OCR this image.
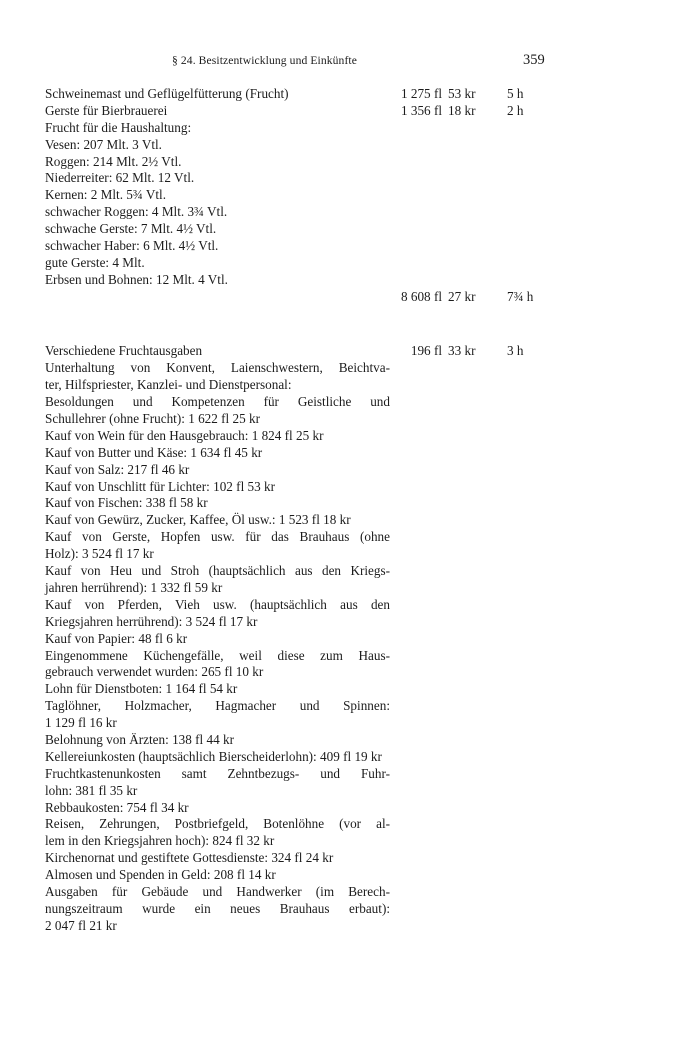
§ 24. Besitzentwicklung und Einkünfte	359
Schweinemast und Geflügelfütterung (Frucht)	1 275 fl 53 kr 5 h
Gerste für Bierbrauerei	1 356 fl 18 kr 2 h
Frucht für die Haushaltung:
Vesen: 207 Mlt. 3 Vtl.
Roggen: 214 Mlt. 2½ Vtl.
Niederreiter: 62 Mlt. 12 Vtl.
Kernen: 2 Mlt. 5¾ Vtl.
schwacher Roggen: 4 Mlt. 3¾ Vtl.
schwache Gerste: 7 Mlt. 4½ Vtl.
schwacher Haber: 6 Mlt. 4½ Vtl.
gute Gerste: 4 Mlt.
Erbsen und Bohnen: 12 Mlt. 4 Vtl.
8 608 fl 27 kr 7¾ h
Verschiedene Fruchtausgaben	196 fl 33 kr 3 h
Unterhaltung von Konvent, Laienschwestern, Beichtva-
ter, Hilfspriester, Kanzlei- und Dienstpersonal:
Besoldungen und Kompetenzen für Geistliche und
Schullehrer (ohne Frucht): 1 622 fl 25 kr
Kauf von Wein für den Hausgebrauch: 1 824 fl 25 kr
Kauf von Butter und Käse: 1 634 fl 45 kr
Kauf von Salz: 217 fl 46 kr
Kauf von Unschlitt für Lichter: 102 fl 53 kr
Kauf von Fischen: 338 fl 58 kr
Kauf von Gewürz, Zucker, Kaffee, Öl usw.: 1 523 fl 18 kr
Kauf von Gerste, Hopfen usw. für das Brauhaus (ohne
Holz): 3 524 fl 17 kr
Kauf von Heu und Stroh (hauptsächlich aus den Kriegs-
jahren herrührend): 1 332 fl 59 kr
Kauf von Pferden, Vieh usw. (hauptsächlich aus den
Kriegsjahren herrührend): 3 524 fl 17 kr
Kauf von Papier: 48 fl 6 kr
Eingenommene Küchengefälle, weil diese zum Haus-
gebrauch verwendet wurden: 265 fl 10 kr
Lohn für Dienstboten: 1 164 fl 54 kr
Taglöhner, Holzmacher, Hagmacher und Spinnen:
1 129 fl 16 kr
Belohnung von Ärzten: 138 fl 44 kr
Kellereiunkosten (hauptsächlich Bierscheiderlohn): 409 fl 19 kr
Fruchtkastenunkosten samt Zehntbezugs- und Fuhr-
lohn: 381 fl 35 kr
Rebbaukosten: 754 fl 34 kr
Reisen, Zehrungen, Postbriefgeld, Botenlöhne (vor al-
lem in den Kriegsjahren hoch): 824 fl 32 kr
Kirchenornat und gestiftete Gottesdienste: 324 fl 24 kr
Almosen und Spenden in Geld: 208 fl 14 kr
Ausgaben für Gebäude und Handwerker (im Berech-
nungszeitraum wurde ein neues Brauhaus erbaut):
2 047 fl 21 kr
